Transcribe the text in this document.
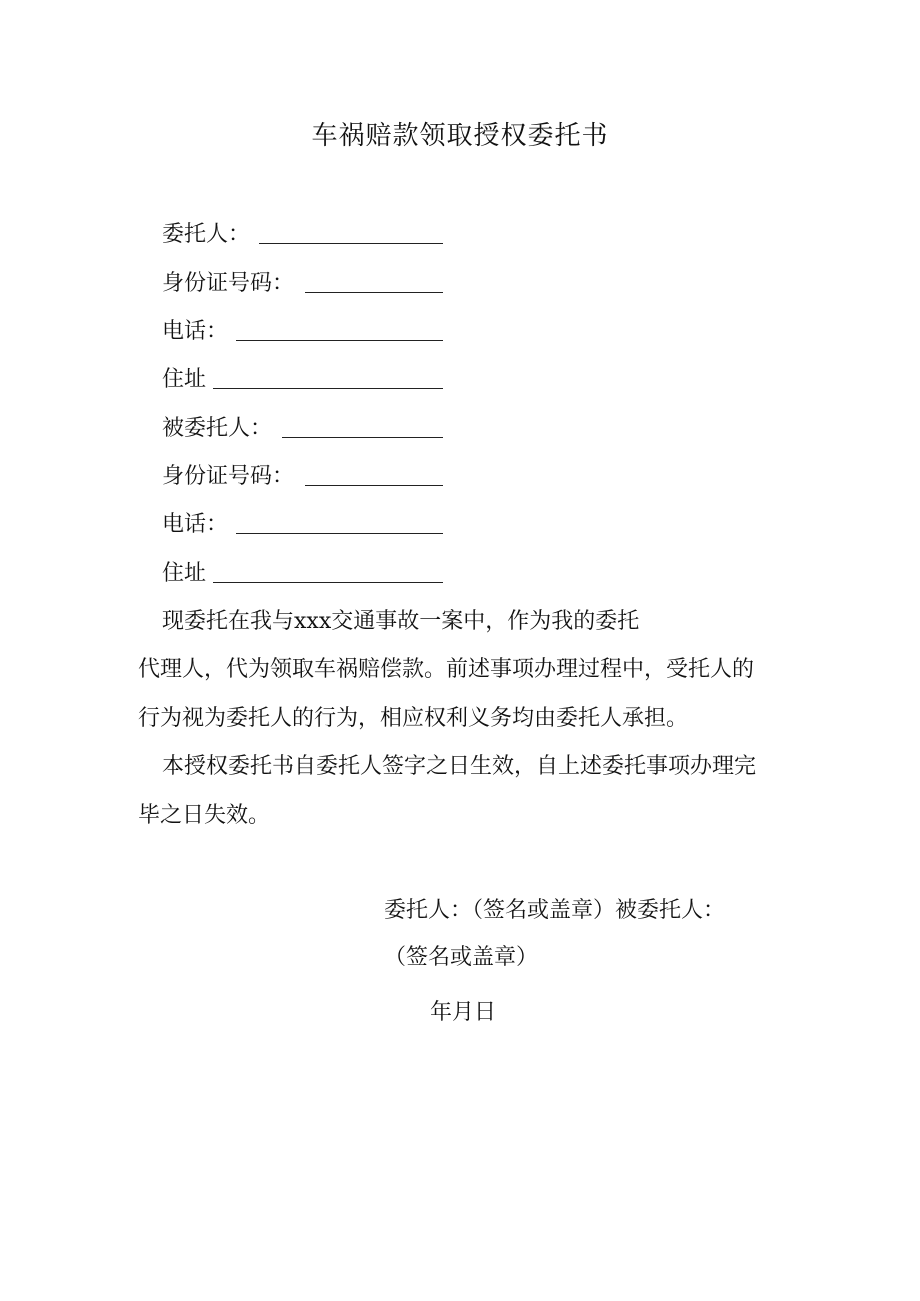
车祸赔款领取授权委托书
委托人：
身份证号码：
电话：
住址
被委托人：
身份证号码：
电话：
住址
现委托在我与xxx交通事故一案中，作为我的委托
代理人，代为领取车祸赔偿款。前述事项办理过程中，受托人的
行为视为委托人的行为，相应权利义务均由委托人承担。
本授权委托书自委托人签字之日生效，自上述委托事项办理完
毕之日失效。
委托人：（签名或盖章）被委托人：
（签名或盖章）
年月日
